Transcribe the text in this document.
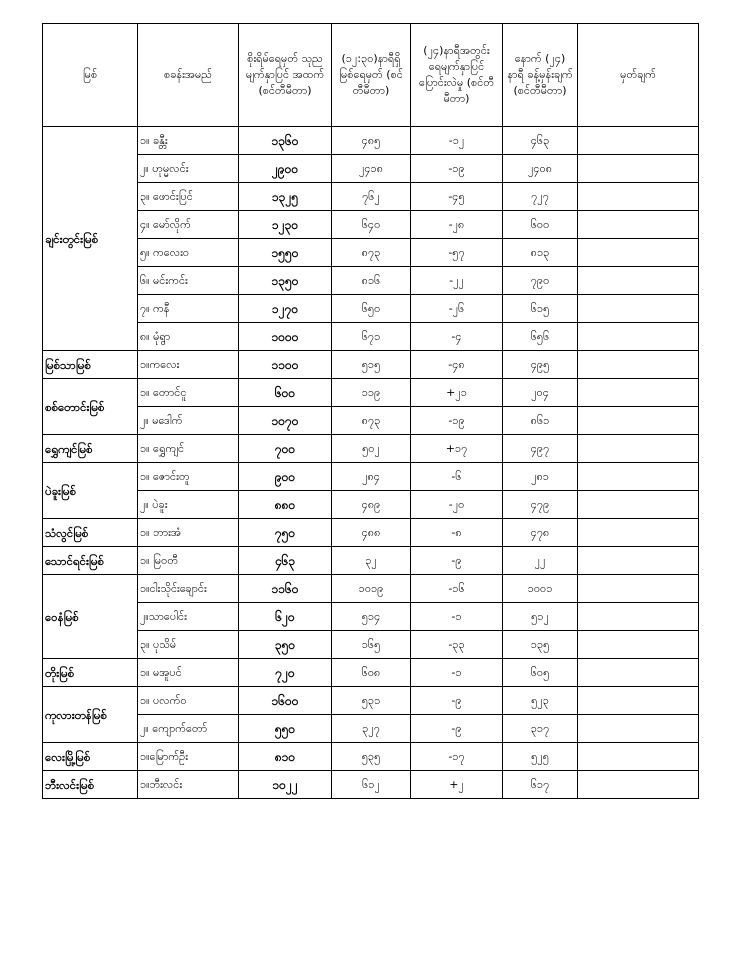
မြစ်	စခန်းအမည်	စိုးရိမ်ရေမှတ် သုညမျက်နှာပြင် အထက် (စင်တီမီတာ)	(၁၂:၃၀)နာရီရှိ မြစ်ရေမှတ် (စင်တီမီတာ)	(၂၄)နာရီအတွင်း ရေမျက်နှာပြင် ပြောင်းလဲမှု (စင်တီမီတာ)	နောက် (၂၄) နာရီ ခန့်မှန်းချက် (စင်တီမီတာ)	မှတ်ချက်
ချင်းတွင်းမြစ်	၁။ ခန္တီး	၁၃၆၀	၄၈၅	-၁၂	၄၆၃	
	၂။ ဟုမ္မလင်း	၂၉၀၀	၂၄၁၈	-၁၉	၂၄၀၈	
	၃။ ဖောင်းပြင်	၁၃၂၅	၇၆၂	-၄၅	၇၂၇	
	၄။ မော်လိုက်	၁၂၃၀	၆၄၀	-၂၈	၆၀၀	
	၅။ ကလေးဝ	၁၅၅၀	၈၇၃	-၅၇	၈၁၃	
	၆။ မင်းကင်း	၁၃၅၀	၈၁၆	-၂၂	၇၉၀	
	၇။ ကနီ	၁၂၇၀	၆၅၀	-၂၆	၆၁၅	
	၈။ မုံရွာ	၁၀၀၀	၆၇၁	-၄	၆၅၆	
မြစ်သာမြစ်	၁။ကလေး	၁၁၀၀	၅၁၅	-၄၈	၄၉၅	
စစ်တောင်းမြစ်	၁။ တောင်ငူ	၆၀၀	၁၁၉	+၂၁	၂၀၄	
	၂။ မဒေါက်	၁၀၇၀	၈၇၃	-၁၉	၈၆၁	
ရွှေကျင်မြစ်	၁။ ရွှေကျင်	၇၀၀	၅၀၂	+၁၇	၄၉၇	
ပဲခူးမြစ်	၁။ ဇောင်းတူ	၉၀၀	၂၈၄	-၆	၂၈၁	
	၂။ ပဲခူး	၈၈၀	၄၈၉	-၂၀	၄၇၉	
သံလွင်မြစ်	၁။ ဘားအံ	၇၅၀	၄၈၈	-၈	၄၇၈	
သောင်ရင်းမြစ်	၁။ မြဝတီ	၄၆၃	၃၂	-၉	၂၂	
ဝေနံမြစ်	၁။ငါးသိုင်းချောင်း	၁၁၆၀	၁၀၁၉	-၁၆	၁၀၀၁	
	၂။သာပေါင်း	၆၂၀	၅၁၄	-၁	၅၁၂	
	၃။ ပုသိမ်	၃၅၀	၁၆၅	-၃၃	၁၃၅	
တိုးမြစ်	၁။ မအူပင်	၇၂၀	၆၀၈	-၁	၆၀၅	
ကုလားတန်မြစ်	၁။ ပလက်ဝ	၁၆၀၀	၅၃၁	-၉	၅၂၃	
	၂။ ကျောက်တော်	၅၅၀	၃၂၇	-၉	၃၁၇	
လေးမြို့မြစ်	၁။မြောက်ဦး	၈၁၀	၅၃၅	-၁၇	၅၂၅	
ဘီးလင်းမြစ်	၁။ဘီးလင်း	၁၀၂၂	၆၁၂	+၂	၆၁၇	
